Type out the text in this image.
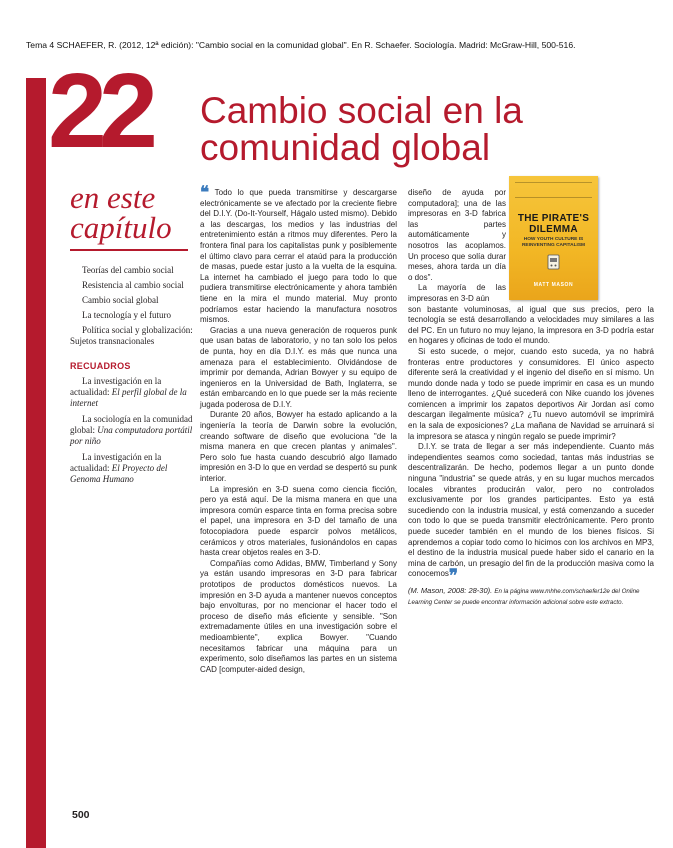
Tema 4 SCHAEFER, R. (2012, 12ª edición): "Cambio social en la comunidad global". En R. Schaefer. Sociología. Madrid: McGraw-Hill, 500-516.
22 Cambio social en la
comunidad global
en este
capítulo
Teorías del cambio social
Resistencia al cambio social
Cambio social global
La tecnología y el futuro
Política social y globalización: Sujetos transnacionales
RECUADROS
La investigación en la actualidad: El perfil global de la internet
La sociología en la comunidad global: Una computadora portátil por niño
La investigación en la actualidad: El Proyecto del Genoma Humano
THE PIRATE'S
DILEMMA
HOW YOUTH CULTURE IS
REINVENTING CAPITALISM
MATT MASON

❝ Todo lo que pueda transmitirse y descargarse electrónicamente se ve afectado por la creciente fiebre del D.I.Y. (Do-It-Yourself, Hágalo usted mismo). Debido a las descargas, los medios y las industrias del entretenimiento están a ritmos muy diferentes. Pero la frontera final para los capitalistas punk y posiblemente el último clavo para cerrar el ataúd para la producción de masas, puede estar justo a la vuelta de la esquina. La internet ha cambiado el juego para todo lo que pudiera transmitirse electrónicamente y ahora también tiene en la mira el mundo material. Muy pronto podríamos estar haciendo la manufactura nosotros mismos.

Gracias a una nueva generación de roqueros punk que usan batas de laboratorio, y no tan solo los pelos de punta, hoy en día D.I.Y. es más que nunca una amenaza para el establecimiento. Olvidándose de imprimir por demanda, Adrian Bowyer y su equipo de ingenieros en la Universidad de Bath, Inglaterra, se están embarcando en lo que puede ser la más reciente jugada poderosa de D.I.Y.

Durante 20 años, Bowyer ha estado aplicando a la ingeniería la teoría de Darwin sobre la evolución, creando software de diseño que evoluciona "de la misma manera en que crecen plantas y animales". Pero solo fue hasta cuando descubrió algo llamado impresión en 3-D lo que en verdad se despertó su punk interior.

La impresión en 3-D suena como ciencia ficción, pero ya está aquí. De la misma manera en que una impresora común esparce tinta en forma precisa sobre el papel, una impresora en 3-D del tamaño de una fotocopiadora puede esparcir polvos metálicos, cerámicos y otros materiales, fusionándolos en capas hasta crear objetos reales en 3-D.

Compañías como Adidas, BMW, Timberland y Sony ya están usando impresoras en 3-D para fabricar prototipos de productos domésticos nuevos. La impresión en 3-D ayuda a mantener nuevos conceptos bajo envolturas, por no mencionar el hacer todo el proceso de diseño más eficiente y sensible. "Son extremadamente útiles en una investigación sobre el medioambiente", explica Bowyer. "Cuando necesitamos fabricar una máquina para un experimento, solo diseñamos las partes en un sistema CAD [computer-aided design,

diseño de ayuda por computadora]; una de las impresoras en 3-D fabrica las partes automáticamente y nosotros las acoplamos. Un proceso que solía durar meses, ahora tarda un día o dos".

La mayoría de las impresoras en 3-D aún

son bastante voluminosas, al igual que sus precios, pero la tecnología se está desarrollando a velocidades muy similares a las del PC. En un futuro no muy lejano, la impresora en 3-D podría estar en hogares y oficinas de todo el mundo.

Si esto sucede, o mejor, cuando esto suceda, ya no habrá fronteras entre productores y consumidores. El único aspecto diferente será la creatividad y el ingenio del diseño en sí mismo. Un mundo donde nada y todo se puede imprimir en casa es un mundo lleno de interrogantes. ¿Qué sucederá con Nike cuando los jóvenes comiencen a imprimir los zapatos deportivos Air Jordan así como descargan ilegalmente música? ¿Tu nuevo automóvil se imprimirá en la sala de exposiciones? ¿La mañana de Navidad se arruinará si la impresora se atasca y ningún regalo se puede imprimir?

D.I.Y. se trata de llegar a ser más independiente. Cuanto más independientes seamos como sociedad, tantas más industrias se descentralizarán. De hecho, podemos llegar a un punto donde ninguna "industria" se quede atrás, y en su lugar muchos mercados locales vibrantes producirán valor, pero no controlados exclusivamente por los grandes participantes. Esto ya está sucediendo con la industria musical, y está comenzando a suceder con todo lo que se pueda transmitir electrónicamente. Pero pronto puede suceder también en el mundo de los bienes físicos. Si aprendemos a copiar todo como lo hicimos con los archivos en MP3, el destino de la industria musical puede haber sido el canario en la mina de carbón, un presagio del fin de la producción masiva como la conocemos❞

(M. Mason, 2008: 28-30). En la página www.mhhe.com/schaefer12e del Online Learning Center se puede encontrar información adicional sobre este extracto.
500
